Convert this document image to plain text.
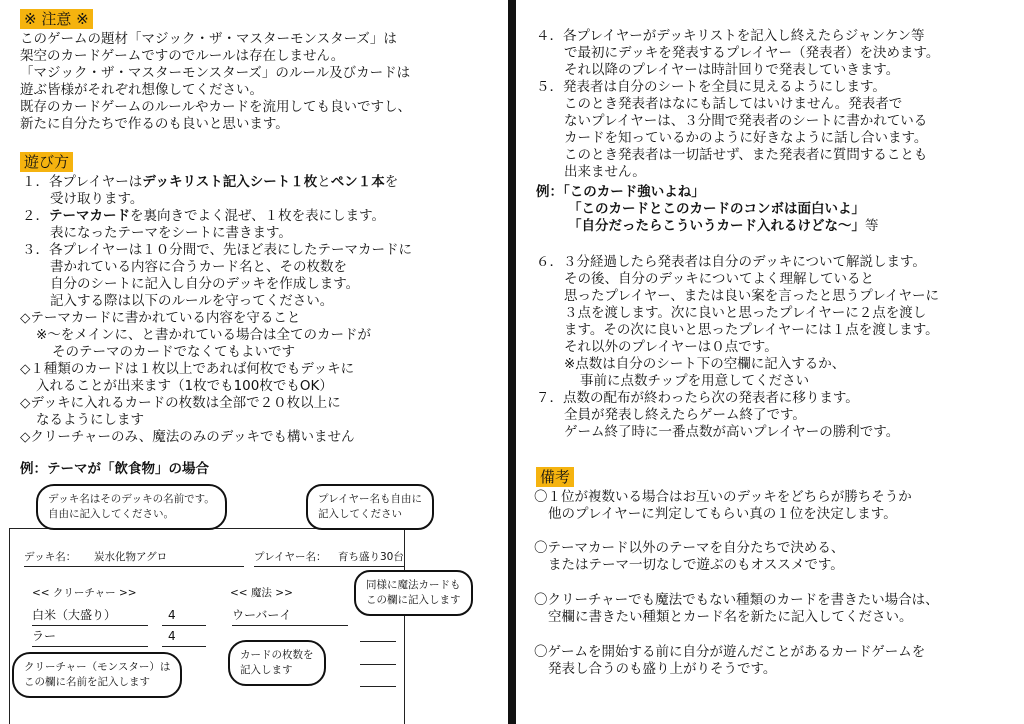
※ 注意 ※
このゲームの題材「マジック・ザ・マスターモンスターズ」は
架空のカードゲームですのでルールは存在しません。
「マジック・ザ・マスターモンスターズ」のルール及びカードは
遊ぶ皆様がそれぞれ想像してください。
既存のカードゲームのルールやカードを流用しても良いですし、
新たに自分たちで作るのも良いと思います。
遊び方
１．各プレイヤーはデッキリスト記入シート１枚とペン１本を
受け取ります。
２．テーマカードを裏向きでよく混ぜ、１枚を表にします。
表になったテーマをシートに書きます。
３．各プレイヤーは１０分間で、先ほど表にしたテーマカードに
書かれている内容に合うカード名と、その枚数を
自分のシートに記入し自分のデッキを作成します。
記入する際は以下のルールを守ってください。
◇テーマカードに書かれている内容を守ること
※～をメインに、と書かれている場合は全てのカードが
そのテーマのカードでなくてもよいです
◇１種類のカードは１枚以上であれば何枚でもデッキに
入れることが出来ます（1枚でも100枚でもOK）
◇デッキに入れるカードの枚数は全部で２０枚以上に
なるようにします
◇クリーチャーのみ、魔法のみのデッキでも構いません
例：テーマが「飲食物」の場合
デッキ名： 炭水化物アグロ	プレイヤー名： 育ち盛り30台
<< クリーチャー >>	<< 魔法 >>
白米（大盛り）	4	ウーバーイ
ラー	4
デッキ名はそのデッキの名前です。
自由に記入してください。
プレイヤー名も自由に
記入してください
同様に魔法カードも
この欄に記入します
カードの枚数を
記入します
クリーチャー（モンスター）は
この欄に名前を記入します
４．各プレイヤーがデッキリストを記入し終えたらジャンケン等
で最初にデッキを発表するプレイヤー（発表者）を決めます。
それ以降のプレイヤーは時計回りで発表していきます。
５．発表者は自分のシートを全員に見えるようにします。
このとき発表者はなにも話してはいけません。発表者で
ないプレイヤーは、３分間で発表者のシートに書かれている
カードを知っているかのように好きなように話し合います。
このとき発表者は一切話せず、また発表者に質問することも
出来ません。
例：「このカード強いよね」
「このカードとこのカードのコンボは面白いよ」
「自分だったらこういうカード入れるけどな～」等
６．３分経過したら発表者は自分のデッキについて解説します。
その後、自分のデッキについてよく理解していると
思ったプレイヤー、または良い案を言ったと思うプレイヤーに
３点を渡します。次に良いと思ったプレイヤーに２点を渡し
ます。その次に良いと思ったプレイヤーには１点を渡します。
それ以外のプレイヤーは０点です。
※点数は自分のシート下の空欄に記入するか、
事前に点数チップを用意してください
７．点数の配布が終わったら次の発表者に移ります。
全員が発表し終えたらゲーム終了です。
ゲーム終了時に一番点数が高いプレイヤーの勝利です。
備考
〇１位が複数いる場合はお互いのデッキをどちらが勝ちそうか
他のプレイヤーに判定してもらい真の１位を決定します。
〇テーマカード以外のテーマを自分たちで決める、
またはテーマ一切なしで遊ぶのもオススメです。
〇クリーチャーでも魔法でもない種類のカードを書きたい場合は、
空欄に書きたい種類とカード名を新たに記入してください。
〇ゲームを開始する前に自分が遊んだことがあるカードゲームを
発表し合うのも盛り上がりそうです。
